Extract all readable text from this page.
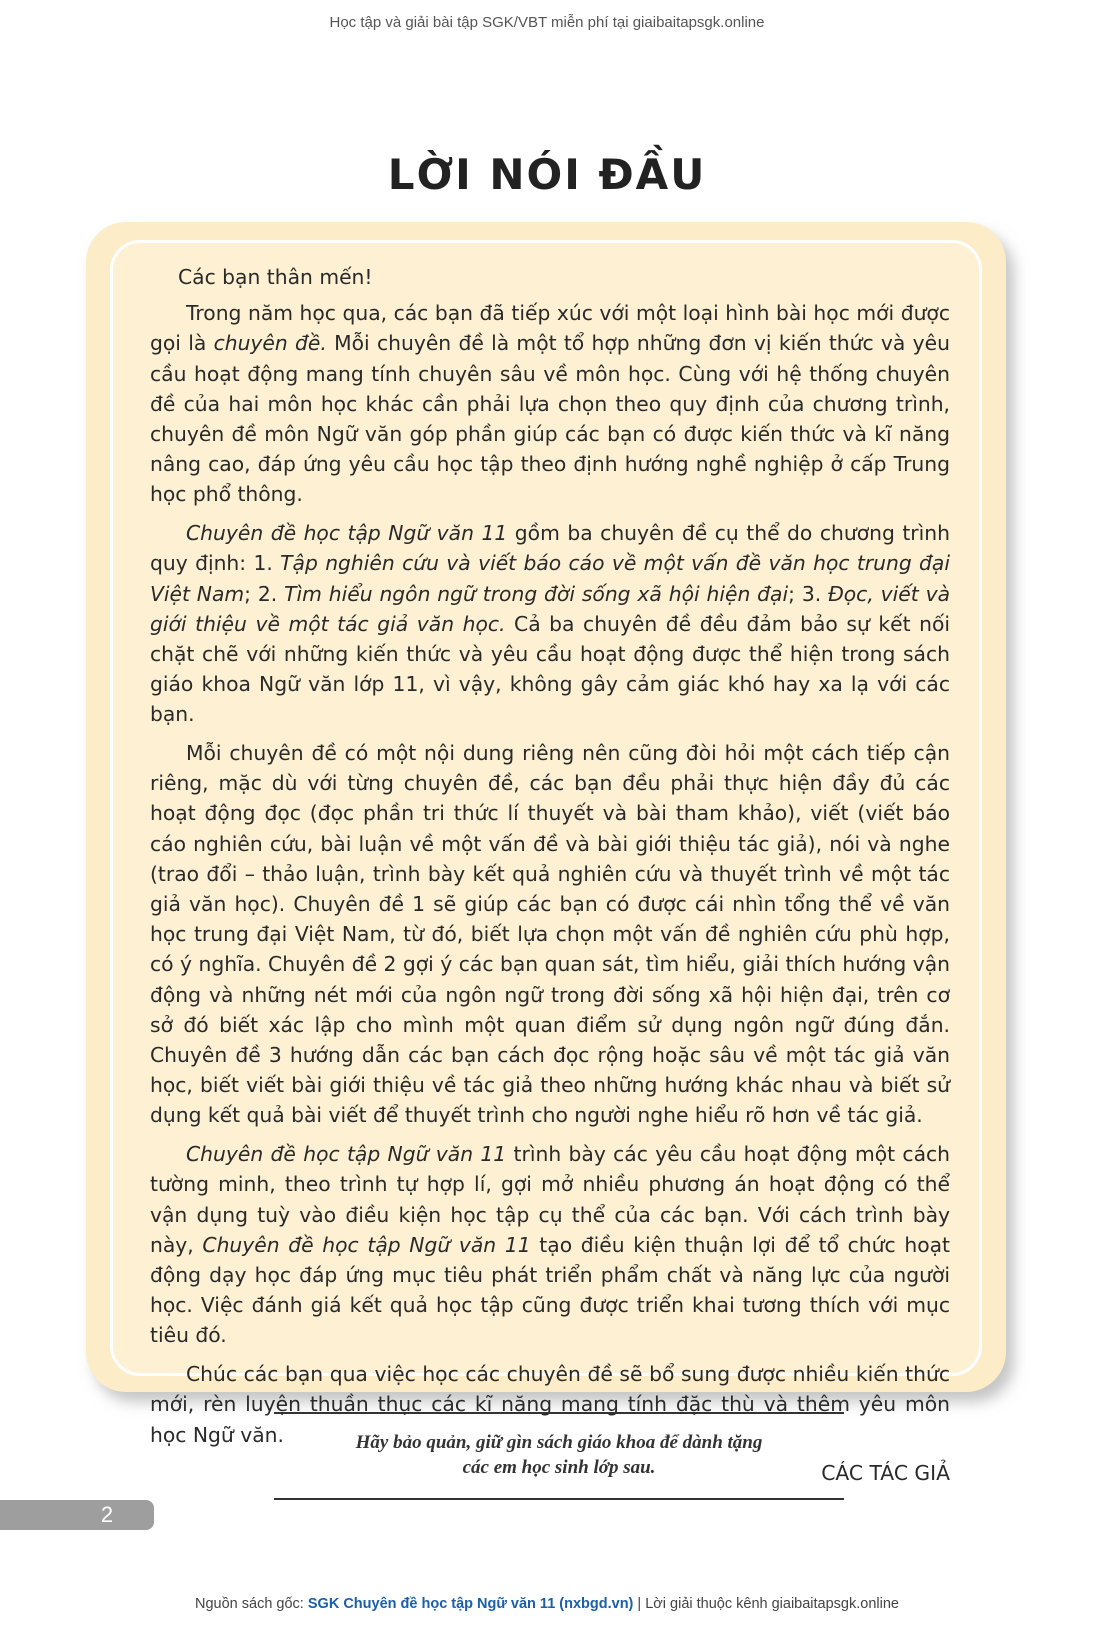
Học tập và giải bài tập SGK/VBT miễn phí tại giaibaitapsgk.online
LỜI NÓI ĐẦU

Các bạn thân mến!

Trong năm học qua, các bạn đã tiếp xúc với một loại hình bài học mới được gọi là chuyên đề. Mỗi chuyên đề là một tổ hợp những đơn vị kiến thức và yêu cầu hoạt động mang tính chuyên sâu về môn học. Cùng với hệ thống chuyên đề của hai môn học khác cần phải lựa chọn theo quy định của chương trình, chuyên đề môn Ngữ văn góp phần giúp các bạn có được kiến thức và kĩ năng nâng cao, đáp ứng yêu cầu học tập theo định hướng nghề nghiệp ở cấp Trung học phổ thông.

Chuyên đề học tập Ngữ văn 11 gồm ba chuyên đề cụ thể do chương trình quy định: 1. Tập nghiên cứu và viết báo cáo về một vấn đề văn học trung đại Việt Nam; 2. Tìm hiểu ngôn ngữ trong đời sống xã hội hiện đại; 3. Đọc, viết và giới thiệu về một tác giả văn học. Cả ba chuyên đề đều đảm bảo sự kết nối chặt chẽ với những kiến thức và yêu cầu hoạt động được thể hiện trong sách giáo khoa Ngữ văn lớp 11, vì vậy, không gây cảm giác khó hay xa lạ với các bạn.

Mỗi chuyên đề có một nội dung riêng nên cũng đòi hỏi một cách tiếp cận riêng, mặc dù với từng chuyên đề, các bạn đều phải thực hiện đầy đủ các hoạt động đọc (đọc phần tri thức lí thuyết và bài tham khảo), viết (viết báo cáo nghiên cứu, bài luận về một vấn đề và bài giới thiệu tác giả), nói và nghe (trao đổi – thảo luận, trình bày kết quả nghiên cứu và thuyết trình về một tác giả văn học). Chuyên đề 1 sẽ giúp các bạn có được cái nhìn tổng thể về văn học trung đại Việt Nam, từ đó, biết lựa chọn một vấn đề nghiên cứu phù hợp, có ý nghĩa. Chuyên đề 2 gợi ý các bạn quan sát, tìm hiểu, giải thích hướng vận động và những nét mới của ngôn ngữ trong đời sống xã hội hiện đại, trên cơ sở đó biết xác lập cho mình một quan điểm sử dụng ngôn ngữ đúng đắn. Chuyên đề 3 hướng dẫn các bạn cách đọc rộng hoặc sâu về một tác giả văn học, biết viết bài giới thiệu về tác giả theo những hướng khác nhau và biết sử dụng kết quả bài viết để thuyết trình cho người nghe hiểu rõ hơn về tác giả.

Chuyên đề học tập Ngữ văn 11 trình bày các yêu cầu hoạt động một cách tường minh, theo trình tự hợp lí, gợi mở nhiều phương án hoạt động có thể vận dụng tuỳ vào điều kiện học tập cụ thể của các bạn. Với cách trình bày này, Chuyên đề học tập Ngữ văn 11 tạo điều kiện thuận lợi để tổ chức hoạt động dạy học đáp ứng mục tiêu phát triển phẩm chất và năng lực của người học. Việc đánh giá kết quả học tập cũng được triển khai tương thích với mục tiêu đó.

Chúc các bạn qua việc học các chuyên đề sẽ bổ sung được nhiều kiến thức mới, rèn luyện thuần thục các kĩ năng mang tính đặc thù và thêm yêu môn học Ngữ văn.

CÁC TÁC GIẢ

Hãy bảo quản, giữ gìn sách giáo khoa để dành tặng
các em học sinh lớp sau.
2
Nguồn sách gốc: SGK Chuyên đề học tập Ngữ văn 11 (nxbgd.vn) | Lời giải thuộc kênh giaibaitapsgk.online
